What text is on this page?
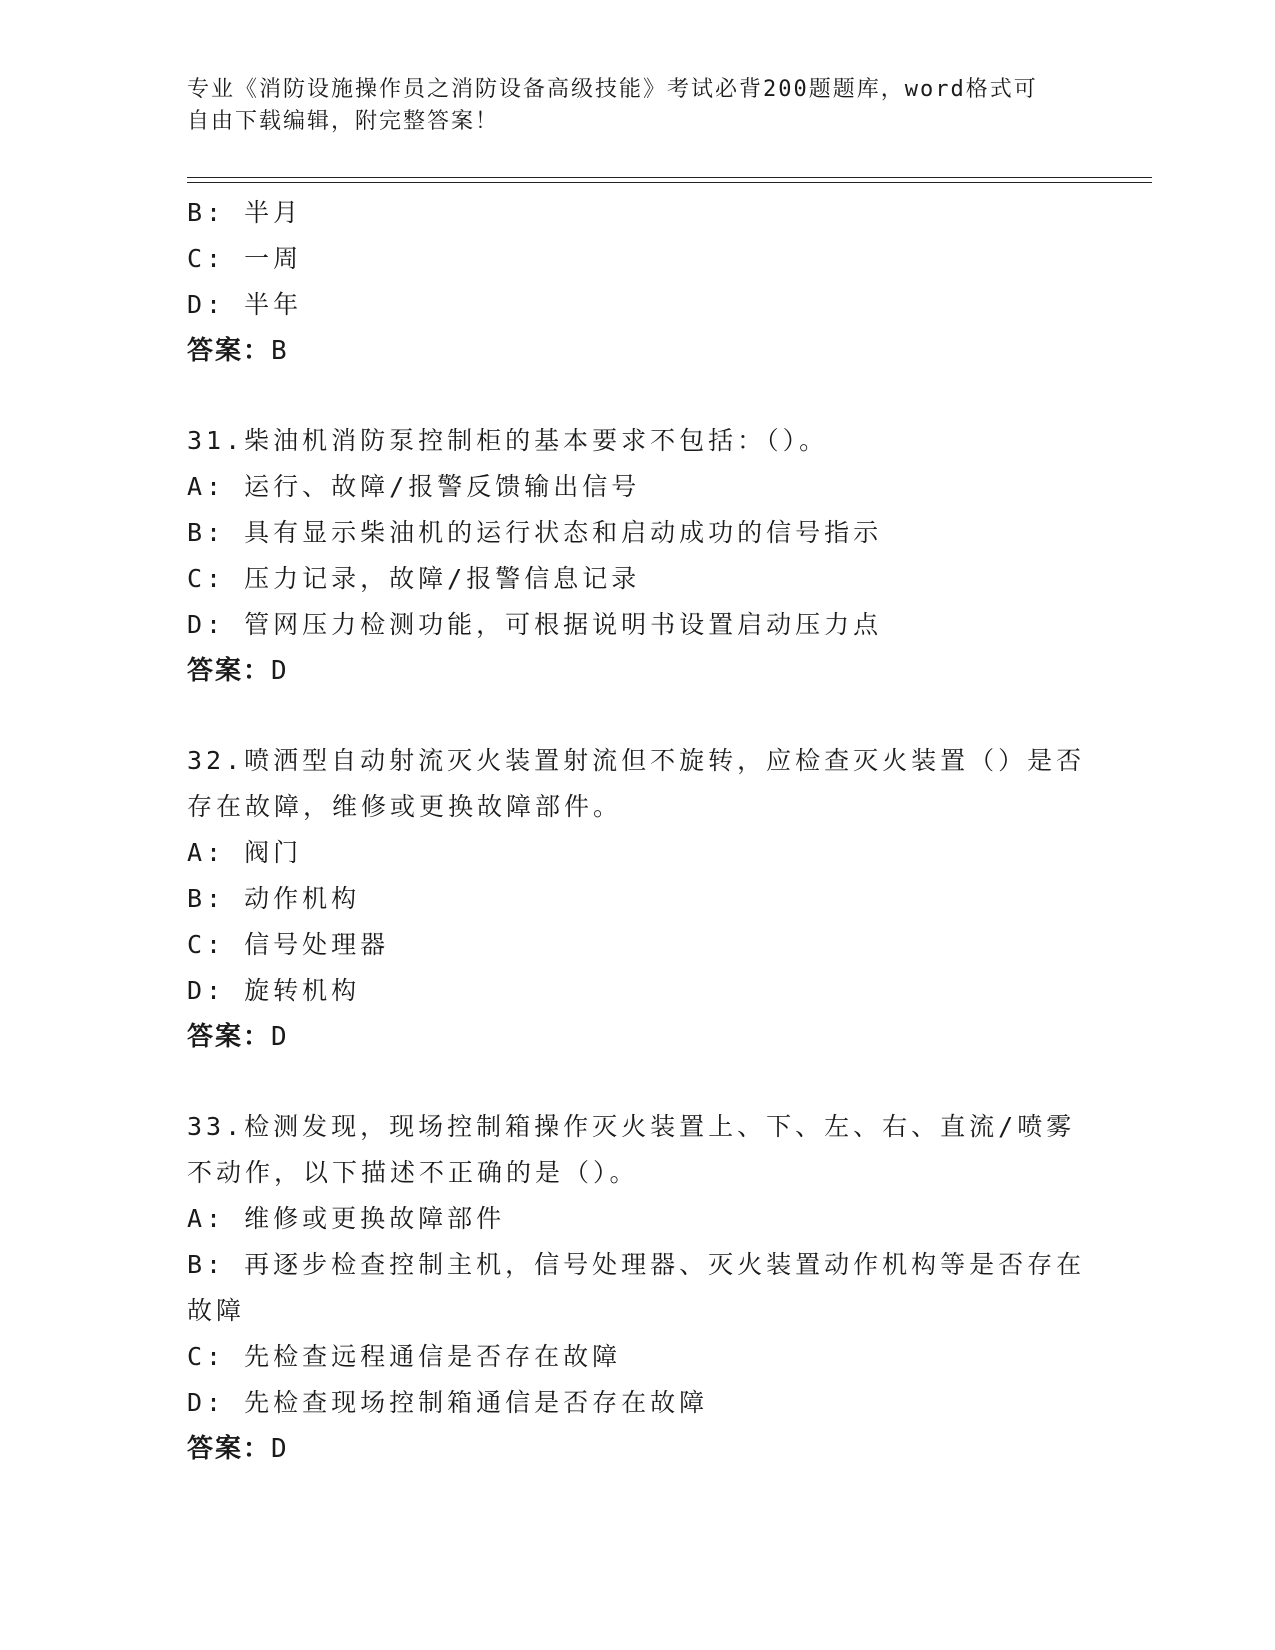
专业《消防设施操作员之消防设备高级技能》考试必背200题题库，word格式可
自由下载编辑，附完整答案！
B: 半月
C: 一周
D: 半年
答案：B
31.柴油机消防泵控制柜的基本要求不包括：（）。
A: 运行、故障/报警反馈输出信号
B: 具有显示柴油机的运行状态和启动成功的信号指示
C: 压力记录，故障/报警信息记录
D: 管网压力检测功能，可根据说明书设置启动压力点
答案：D
32.喷洒型自动射流灭火装置射流但不旋转，应检查灭火装置（）是否
存在故障，维修或更换故障部件。
A: 阀门
B: 动作机构
C: 信号处理器
D: 旋转机构
答案：D
33.检测发现，现场控制箱操作灭火装置上、下、左、右、直流/喷雾
不动作，以下描述不正确的是（）。
A: 维修或更换故障部件
B: 再逐步检查控制主机，信号处理器、灭火装置动作机构等是否存在
故障
C: 先检查远程通信是否存在故障
D: 先检查现场控制箱通信是否存在故障
答案：D
